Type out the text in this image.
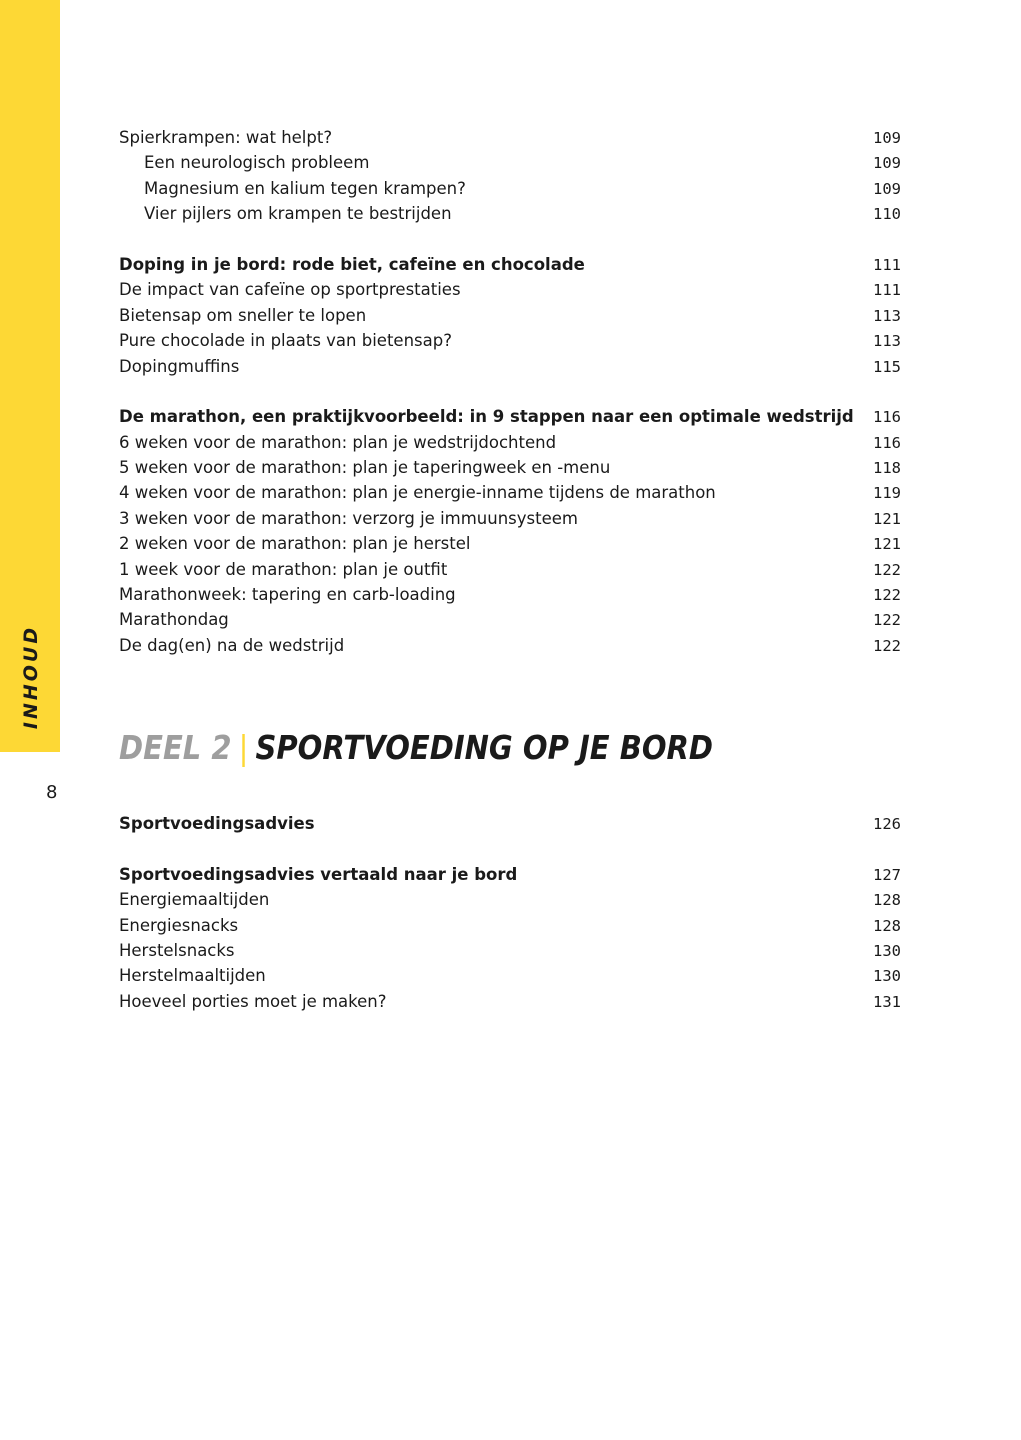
INHOUD
8
Spierkrampen: wat helpt?	109
Een neurologisch probleem	109
Magnesium en kalium tegen krampen?	109
Vier pijlers om krampen te bestrijden	110
Doping in je bord: rode biet, cafeïne en chocolade	111
De impact van cafeïne op sportprestaties	111
Bietensap om sneller te lopen	113
Pure chocolade in plaats van bietensap?	113
Dopingmuffins	115
De marathon, een praktijkvoorbeeld: in 9 stappen naar een optimale wedstrijd 116
6 weken voor de marathon: plan je wedstrijdochtend	116
5 weken voor de marathon: plan je taperingweek en -menu	118
4 weken voor de marathon: plan je energie-inname tijdens de marathon	119
3 weken voor de marathon: verzorg je immuunsysteem	121
2 weken voor de marathon: plan je herstel	121
1 week voor de marathon: plan je outfit	122
Marathonweek: tapering en carb-loading	122
Marathondag	122
De dag(en) na de wedstrijd	122
DEEL 2 | SPORTVOEDING OP JE BORD
Sportvoedingsadvies	126
Sportvoedingsadvies vertaald naar je bord	127
Energiemaaltijden	128
Energiesnacks	128
Herstelsnacks	130
Herstelmaaltijden	130
Hoeveel porties moet je maken?	131
